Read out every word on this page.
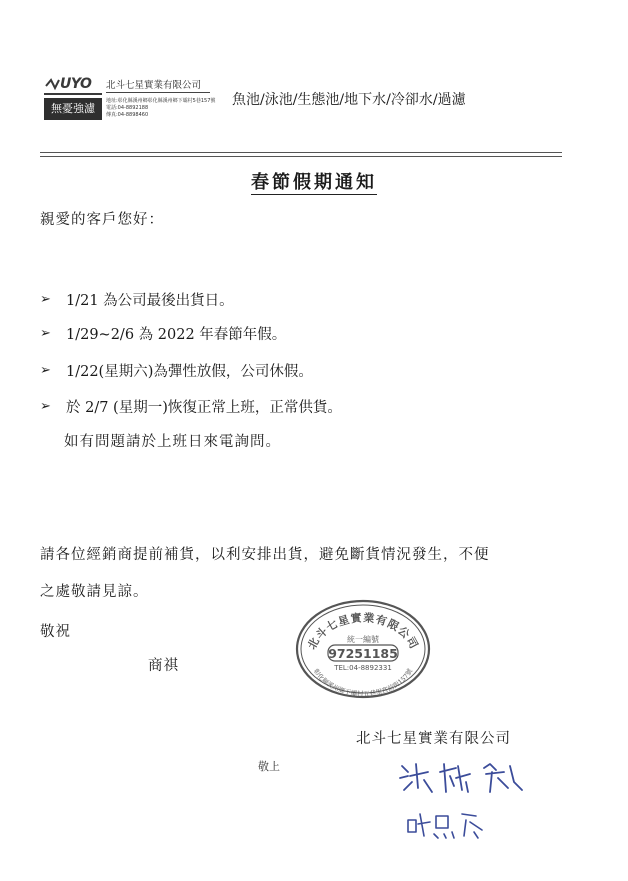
UYO
無憂強濾
北斗七星實業有限公司
地址:彰化縣溪州鄉彰化縣溪州鄉下壩村5巷157號
電話:04-8892188
傳真:04-8898460
魚池/泳池/生態池/地下水/冷卻水/過濾
春節假期通知
親愛的客戶您好：
➢ 1/21 為公司最後出貨日。
➢ 1/29~2/6 為 2022 年春節年假。
➢ 1/22(星期六)為彈性放假，公司休假。
➢ 於 2/7 (星期一)恢復正常上班，正常供貨。
如有問題請於上班日來電詢問。
請各位經銷商提前補貨，以利安排出貨，避免斷貨情況發生，不便
之處敬請見諒。
敬祝
商祺
北斗七星實業有限公司
彰化縣溪州鄉下壩村五巷里宮前街157號
統一編號
97251185
TEL:04-8892331
北斗七星實業有限公司
敬上
